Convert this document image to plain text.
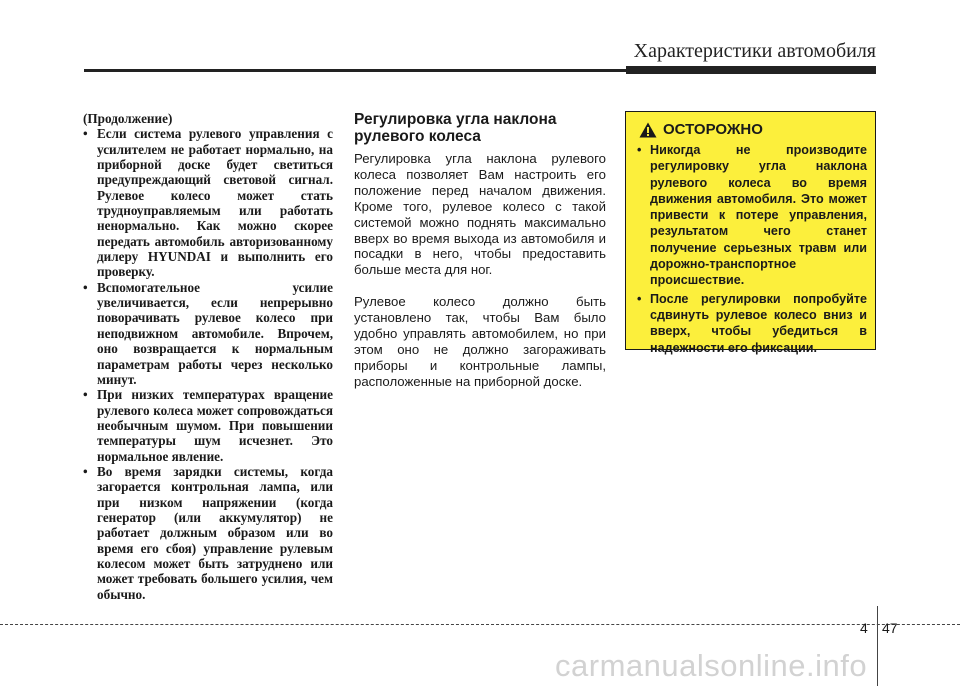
Характеристики автомобиля

(Продолжение)

• Если система рулевого управления с усилителем не работает нормально, на приборной доске будет светиться предупреждающий световой сигнал. Рулевое колесо может стать трудноуправляемым или работать ненормально. Как можно скорее передать автомобиль авторизованному дилеру HYUNDAI и выполнить его проверку.
• Вспомогательное усилие увеличивается, если непрерывно поворачивать рулевое колесо при неподвижном автомобиле. Впрочем, оно возвращается к нормальным параметрам работы через несколько минут.
• При низких температурах вращение рулевого колеса может сопровождаться необычным шумом. При повышении температуры шум исчезнет. Это нормальное явление.
• Во время зарядки системы, когда загорается контрольная лампа, или при низком напряжении (когда генератор (или аккумулятор) не работает должным образом или во время его сбоя) управление рулевым колесом может быть затруднено или может требовать большего усилия, чем обычно.
Регулировка угла наклона рулевого колеса

Регулировка угла наклона рулевого колеса позволяет Вам настроить его положение перед началом движения. Кроме того, рулевое колесо с такой системой можно поднять максимально вверх во время выхода из автомобиля и посадки в него, чтобы предоставить больше места для ног.

Рулевое колесо должно быть установлено так, чтобы Вам было удобно управлять автомобилем, но при этом оно не должно загораживать приборы и контрольные лампы, расположенные на приборной доске.

ОСТОРОЖНО
• Никогда не производите регулировку угла наклона рулевого колеса во время движения автомобиля. Это может привести к потере управления, результатом чего станет получение серьезных травм или дорожно-транспортное происшествие.
• После регулировки попробуйте сдвинуть рулевое колесо вниз и вверх, чтобы убедиться в надежности его фиксации.
4 47
carmanualsonline.info
